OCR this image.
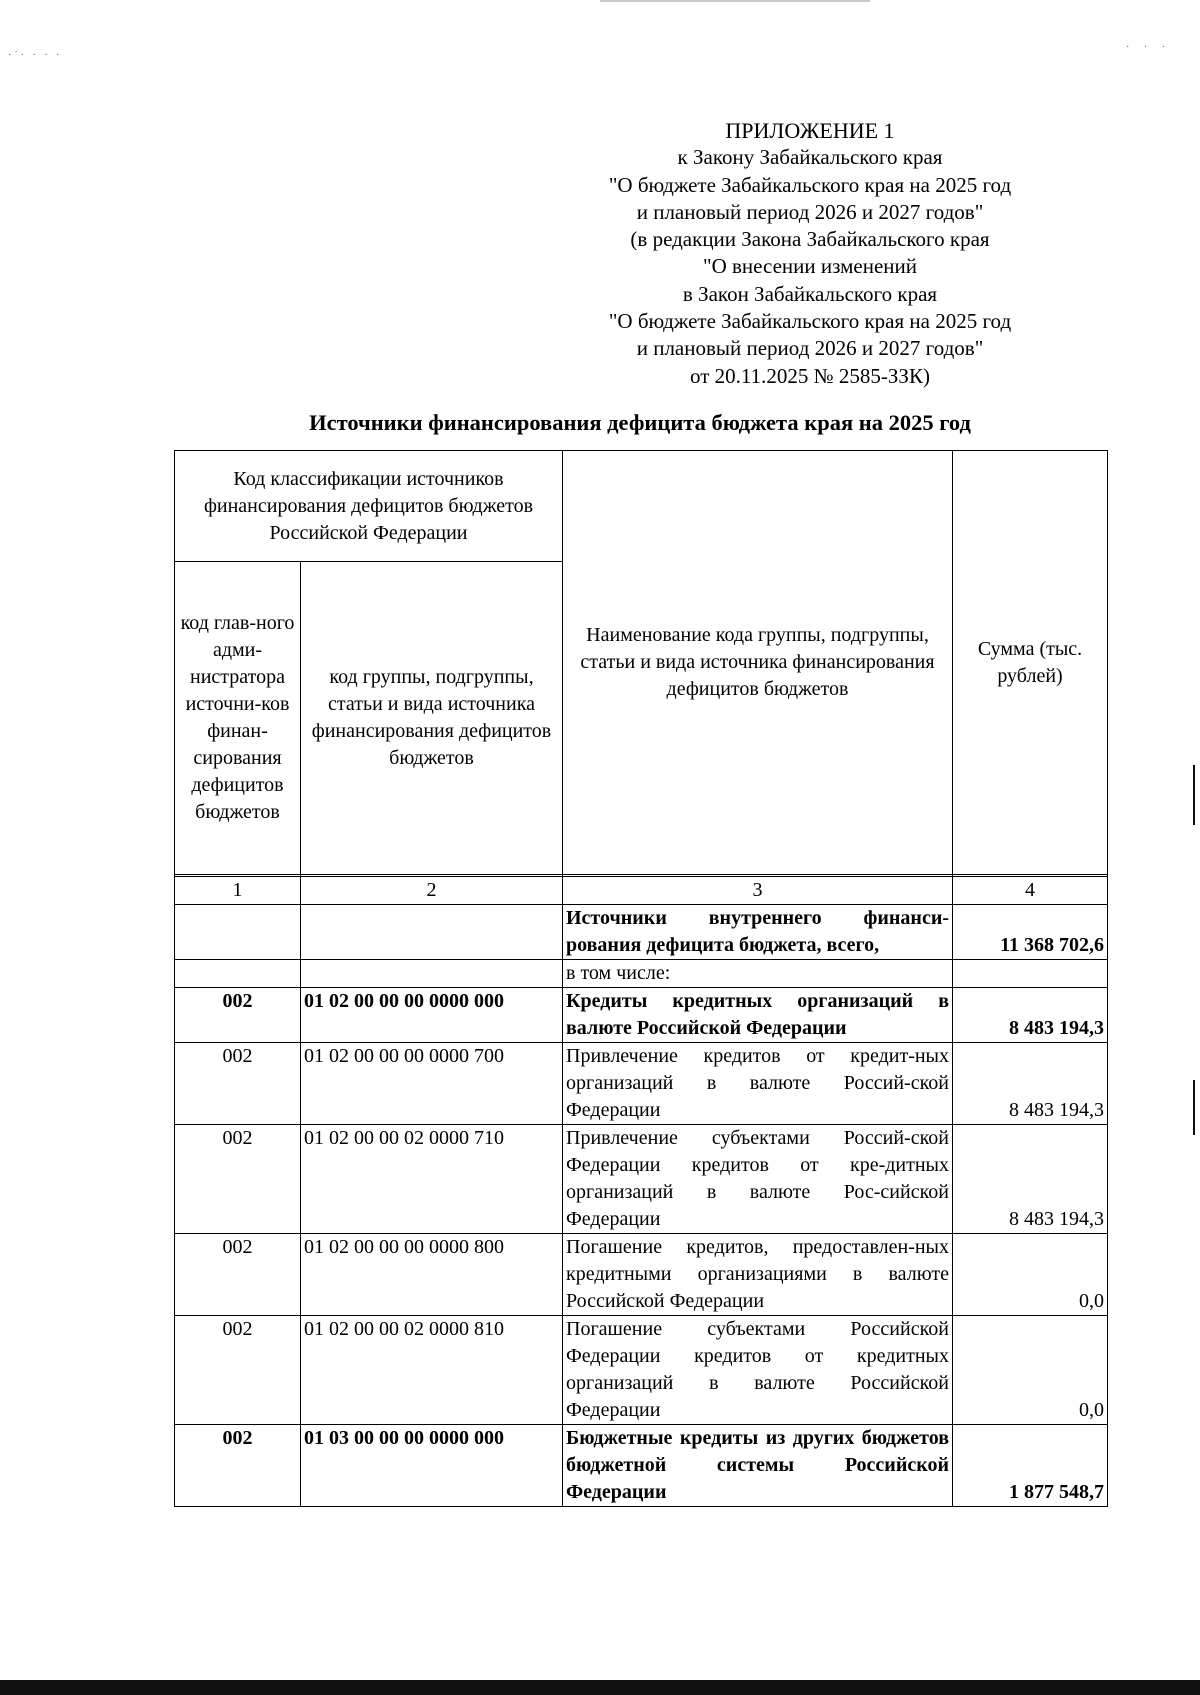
·˙· · · ·
· · ·
ПРИЛОЖЕНИЕ 1
к Закону Забайкальского края
"О бюджете Забайкальского края на 2025 год
и плановый период 2026 и 2027 годов"
(в редакции Закона Забайкальского края
"О внесении изменений
в Закон Забайкальского края
"О бюджете Забайкальского края на 2025 год
и плановый период 2026 и 2027 годов"
от 20.11.2025 № 2585-ЗЗК)
Источники финансирования дефицита бюджета края на 2025 год
Код классификации источников финансирования дефицитов бюджетов Российской Федерации		Наименование кода группы, подгруппы, статьи и вида источника финансирования дефицитов бюджетов	Сумма (тыс. рублей)
код глав-ного адми-нистратора источни-ков финан-сирования дефицитов бюджетов	код группы, подгруппы, статьи и вида источника финансирования дефицитов бюджетов		

1	2	3	4
		Источники внутреннего финанси-рования дефицита бюджета, всего,	11 368 702,6
		в том числе:	
002	01 02 00 00 00 0000 000	Кредиты кредитных организаций в валюте Российской Федерации	8 483 194,3
002	01 02 00 00 00 0000 700	Привлечение кредитов от кредит-ных организаций в валюте Россий-ской Федерации	8 483 194,3
002	01 02 00 00 02 0000 710	Привлечение субъектами Россий-ской Федерации кредитов от кре-дитных организаций в валюте Рос-сийской Федерации	8 483 194,3
002	01 02 00 00 00 0000 800	Погашение кредитов, предоставлен-ных кредитными организациями в валюте Российской Федерации	0,0
002	01 02 00 00 02 0000 810	Погашение субъектами Российской Федерации кредитов от кредитных организаций в валюте Российской Федерации	0,0
002	01 03 00 00 00 0000 000	Бюджетные кредиты из других бюджетов бюджетной системы Российской Федерации	1 877 548,7
